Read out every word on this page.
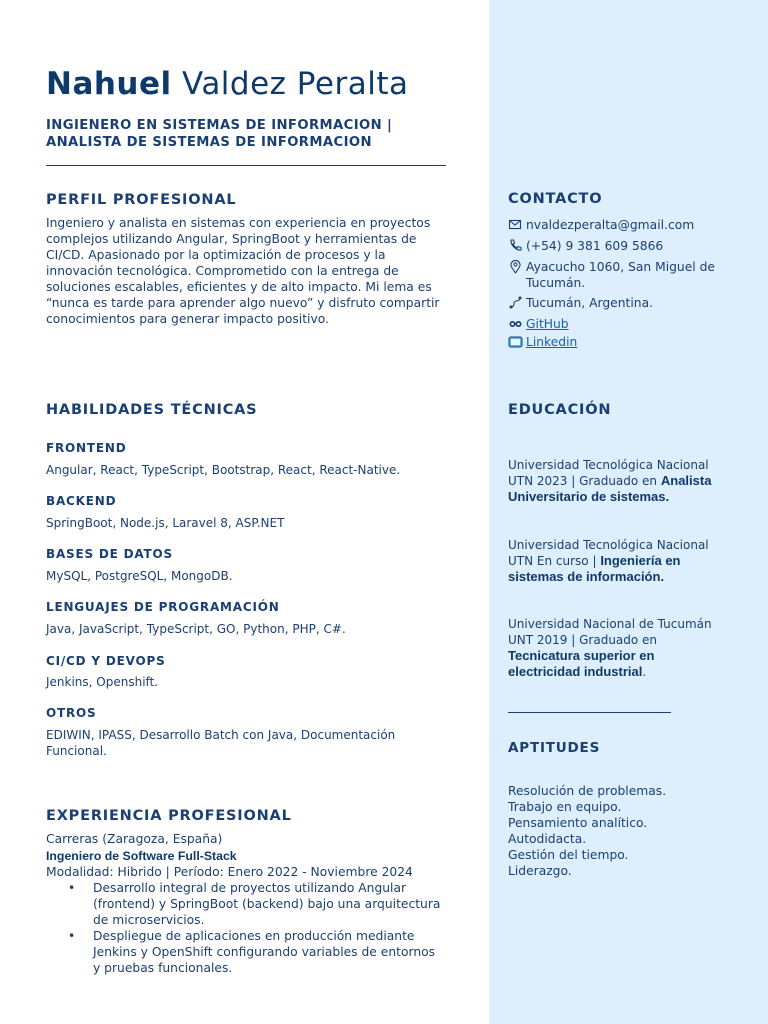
Nahuel Valdez Peralta
INGIENERO EN SISTEMAS DE INFORMACION |
ANALISTA DE SISTEMAS DE INFORMACION
PERFIL PROFESIONAL
Ingeniero y analista en sistemas con experiencia en proyectos complejos utilizando Angular, SpringBoot y herramientas de CI/CD. Apasionado por la optimización de procesos y la innovación tecnológica. Comprometido con la entrega de soluciones escalables, eficientes y de alto impacto. Mi lema es “nunca es tarde para aprender algo nuevo” y disfruto compartir conocimientos para generar impacto positivo.
HABILIDADES TÉCNICAS
FRONTEND
Angular, React, TypeScript, Bootstrap, React, React-Native.
BACKEND
SpringBoot, Node.js, Laravel 8, ASP.NET
BASES DE DATOS
MySQL, PostgreSQL, MongoDB.
LENGUAJES DE PROGRAMACIÓN
Java, JavaScript, TypeScript, GO, Python, PHP, C#.
CI/CD Y DEVOPS
Jenkins, Openshift.
OTROS
EDIWIN, IPASS, Desarrollo Batch con Java, Documentación Funcional.
EXPERIENCIA PROFESIONAL
Carreras (Zaragoza, España)
Ingeniero de Software Full-Stack
Modalidad: Hibrido | Período: Enero 2022 - Noviembre 2024
• Desarrollo integral de proyectos utilizando Angular (frontend) y SpringBoot (backend) bajo una arquitectura de microservicios.
• Despliegue de aplicaciones en producción mediante Jenkins y OpenShift configurando variables de entornos y pruebas funcionales.
CONTACTO
nvaldezperalta@gmail.com
(+54) 9 381 609 5866
Ayacucho 1060, San Miguel de Tucumán.
Tucumán, Argentina.
GitHub
Linkedin
EDUCACIÓN
Universidad Tecnológica Nacional UTN 2023 | Graduado en Analista Universitario de sistemas.
Universidad Tecnológica Nacional UTN En curso | Ingeniería en sistemas de información.
Universidad Nacional de Tucumán UNT 2019 | Graduado en Tecnicatura superior en electricidad industrial.
APTITUDES
Resolución de problemas.
Trabajo en equipo.
Pensamiento analítico.
Autodidacta.
Gestión del tiempo.
Liderazgo.
